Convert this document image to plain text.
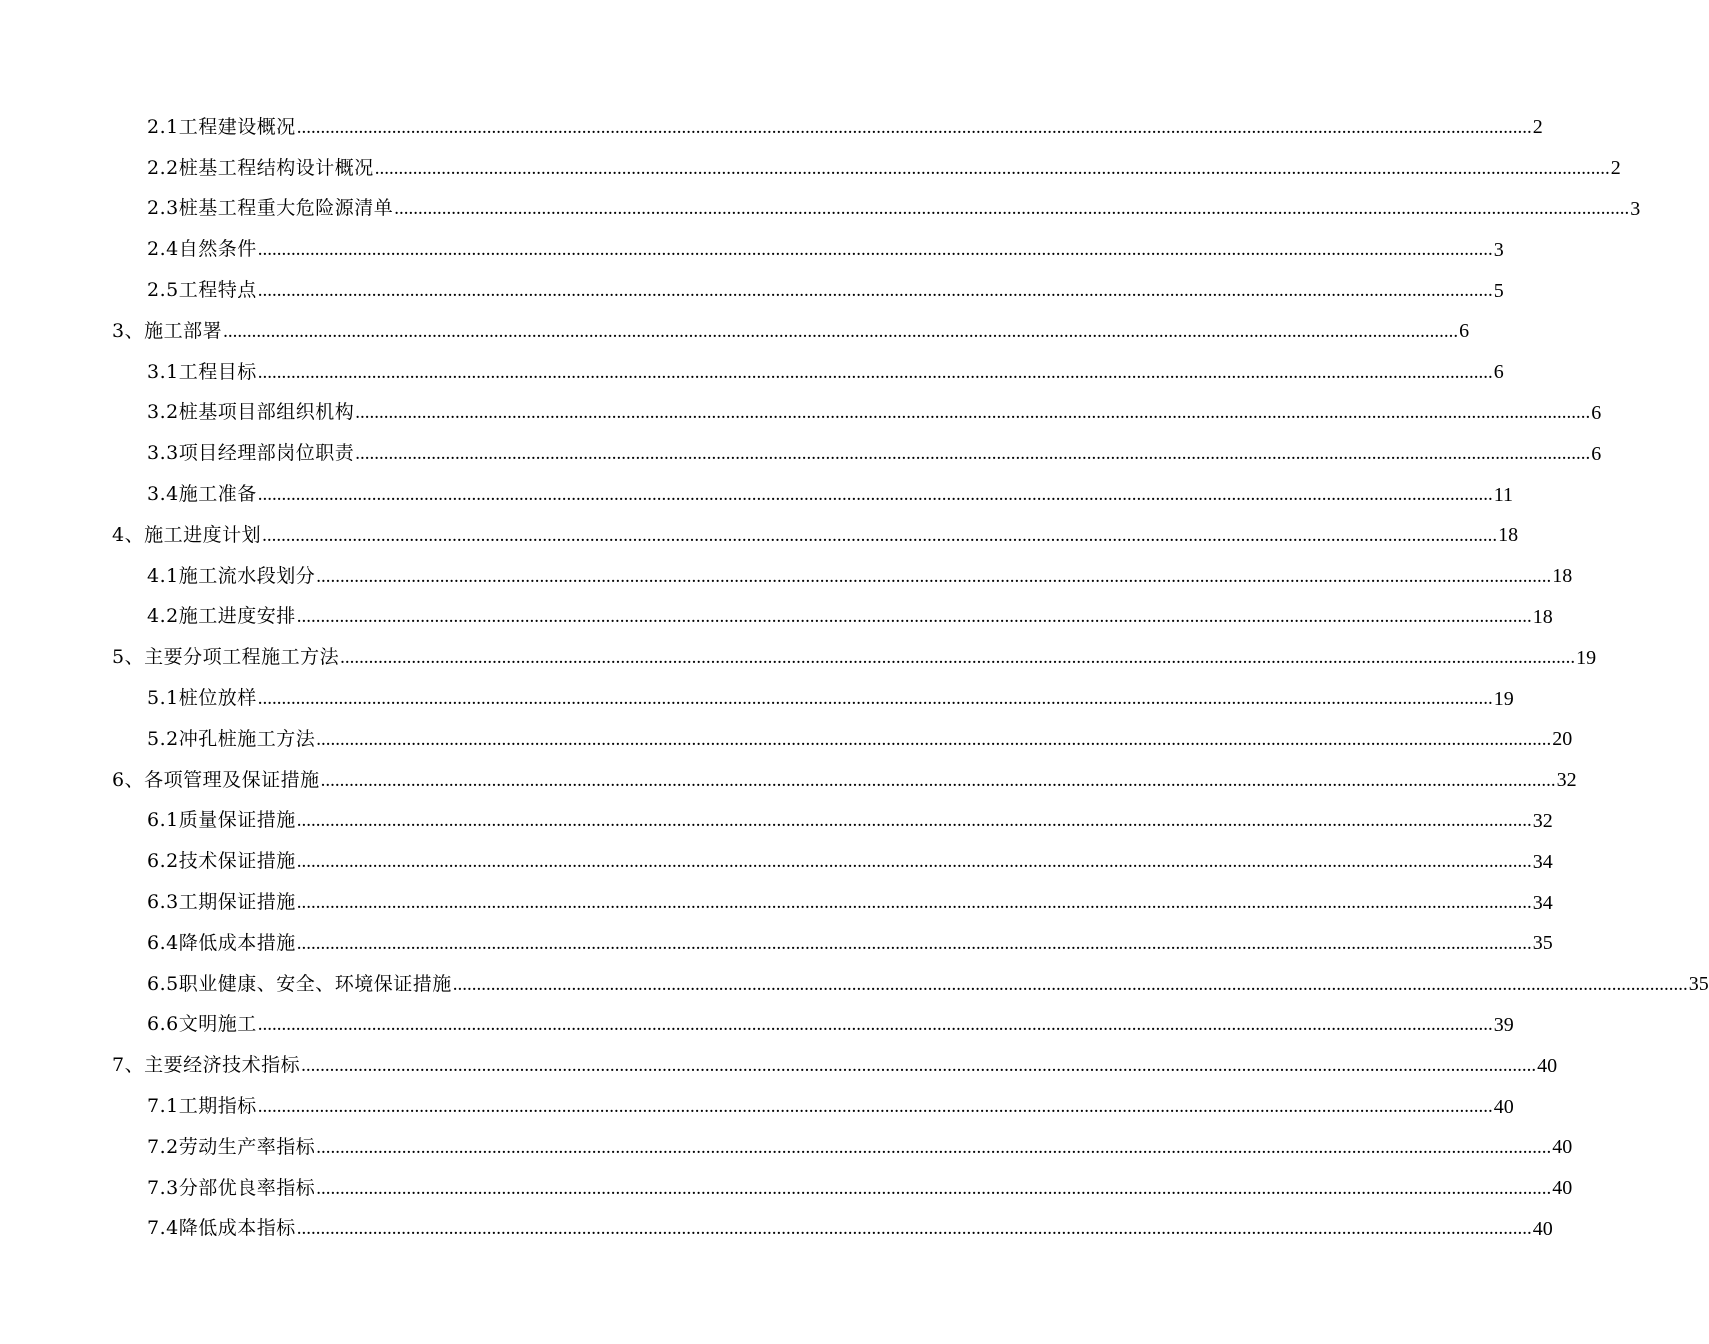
2.1工程建设概况 .................................................................................................................................................................................................................................................................... 2
2.2桩基工程结构设计概况 .................................................................................................................................................................................................................................................................... 2
2.3桩基工程重大危险源清单 .................................................................................................................................................................................................................................................................... 3
2.4自然条件 .................................................................................................................................................................................................................................................................... 3
2.5工程特点 .................................................................................................................................................................................................................................................................... 5
3、施工部署 .................................................................................................................................................................................................................................................................... 6
3.1工程目标 .................................................................................................................................................................................................................................................................... 6
3.2桩基项目部组织机构 .................................................................................................................................................................................................................................................................... 6
3.3项目经理部岗位职责 .................................................................................................................................................................................................................................................................... 6
3.4施工准备 .................................................................................................................................................................................................................................................................... 11
4、施工进度计划 .................................................................................................................................................................................................................................................................... 18
4.1施工流水段划分 .................................................................................................................................................................................................................................................................... 18
4.2施工进度安排 .................................................................................................................................................................................................................................................................... 18
5、主要分项工程施工方法 .................................................................................................................................................................................................................................................................... 19
5.1桩位放样 .................................................................................................................................................................................................................................................................... 19
5.2冲孔桩施工方法 .................................................................................................................................................................................................................................................................... 20
6、各项管理及保证措施 .................................................................................................................................................................................................................................................................... 32
6.1质量保证措施 .................................................................................................................................................................................................................................................................... 32
6.2技术保证措施 .................................................................................................................................................................................................................................................................... 34
6.3工期保证措施 .................................................................................................................................................................................................................................................................... 34
6.4降低成本措施 .................................................................................................................................................................................................................................................................... 35
6.5职业健康、安全、环境保证措施 .................................................................................................................................................................................................................................................................... 35
6.6文明施工 .................................................................................................................................................................................................................................................................... 39
7、主要经济技术指标 .................................................................................................................................................................................................................................................................... 40
7.1工期指标 .................................................................................................................................................................................................................................................................... 40
7.2劳动生产率指标 .................................................................................................................................................................................................................................................................... 40
7.3分部优良率指标 .................................................................................................................................................................................................................................................................... 40
7.4降低成本指标 .................................................................................................................................................................................................................................................................... 40
